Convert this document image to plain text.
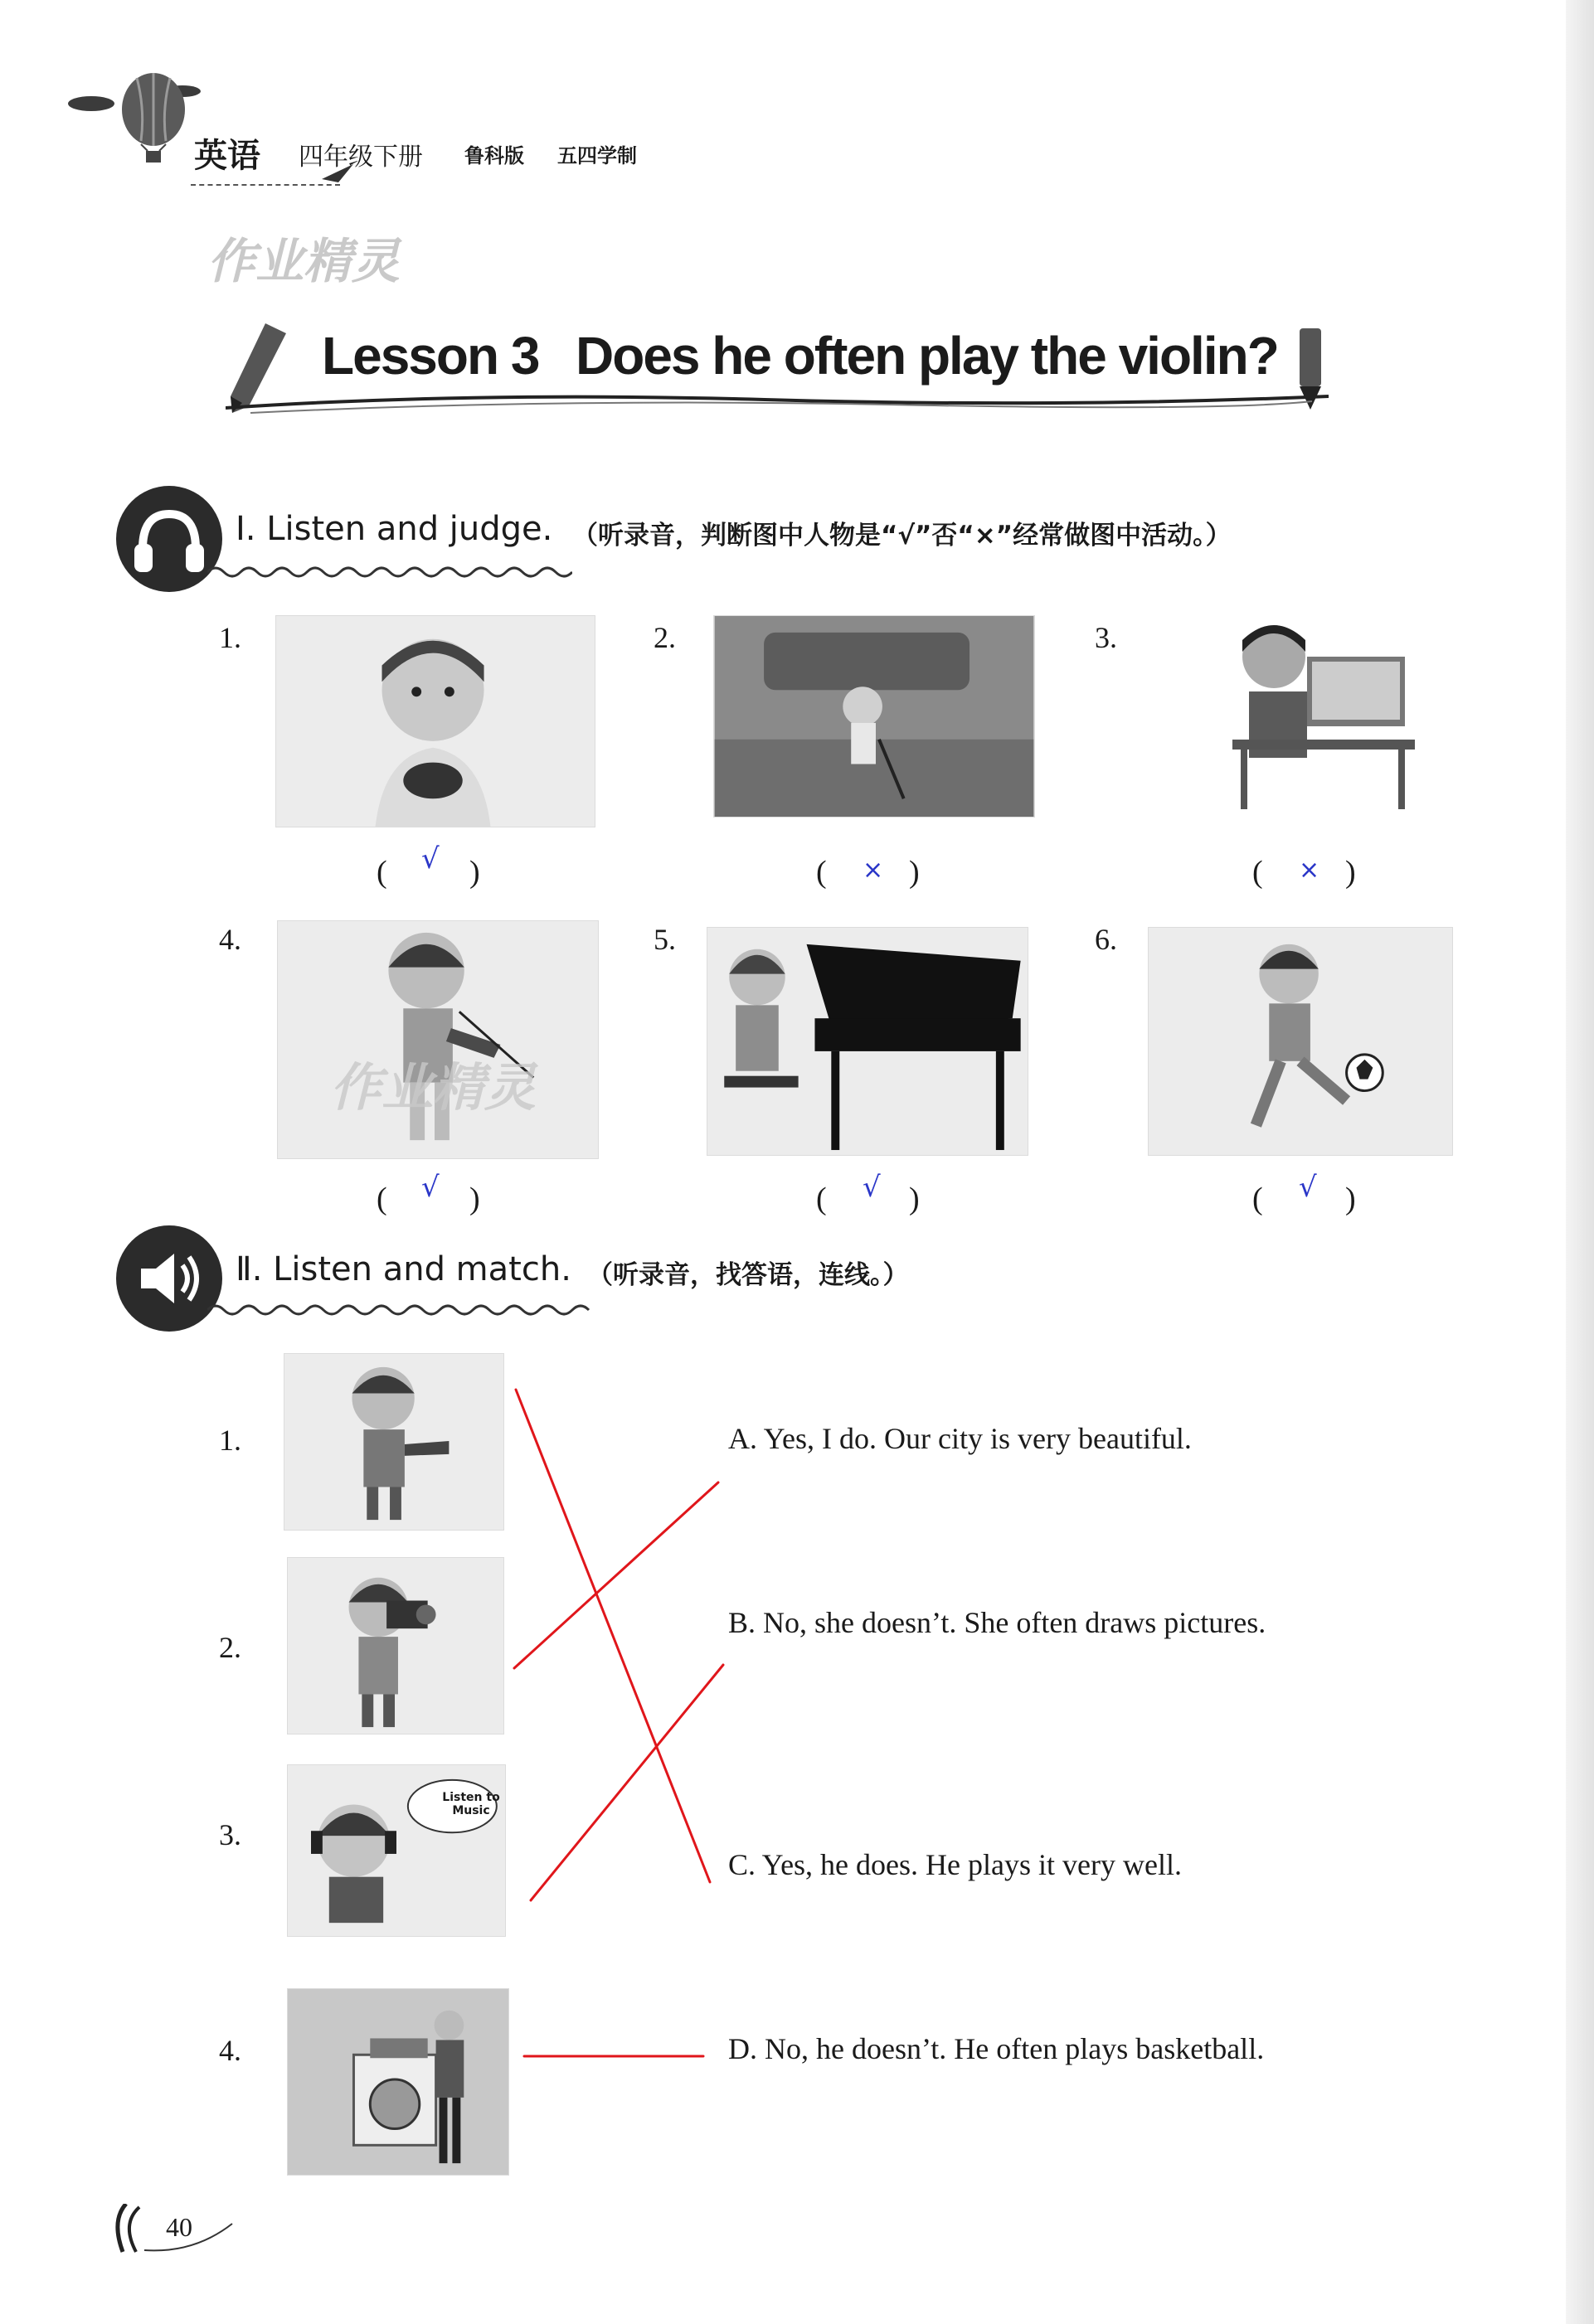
英语 四年级下册 鲁科版 五四学制
作业精灵
Lesson 3 Does he often play the violin?
Ⅰ. Listen and judge. （听录音，判断图中人物是“√”否“×”经常做图中活动。）
1.
( √ )
2.
( × )
3.
( × )
4.
作业精灵
( √ )
5.
( √ )
6.
( √ )
Ⅱ. Listen and match. （听录音，找答语，连线。）
1.
2.
3.
Listen to Music
4.
A. Yes, I do. Our city is very beautiful.
B. No, she doesn’t. She often draws pictures.
C. Yes, he does. He plays it very well.
D. No, he doesn’t. He often plays basketball.
40
